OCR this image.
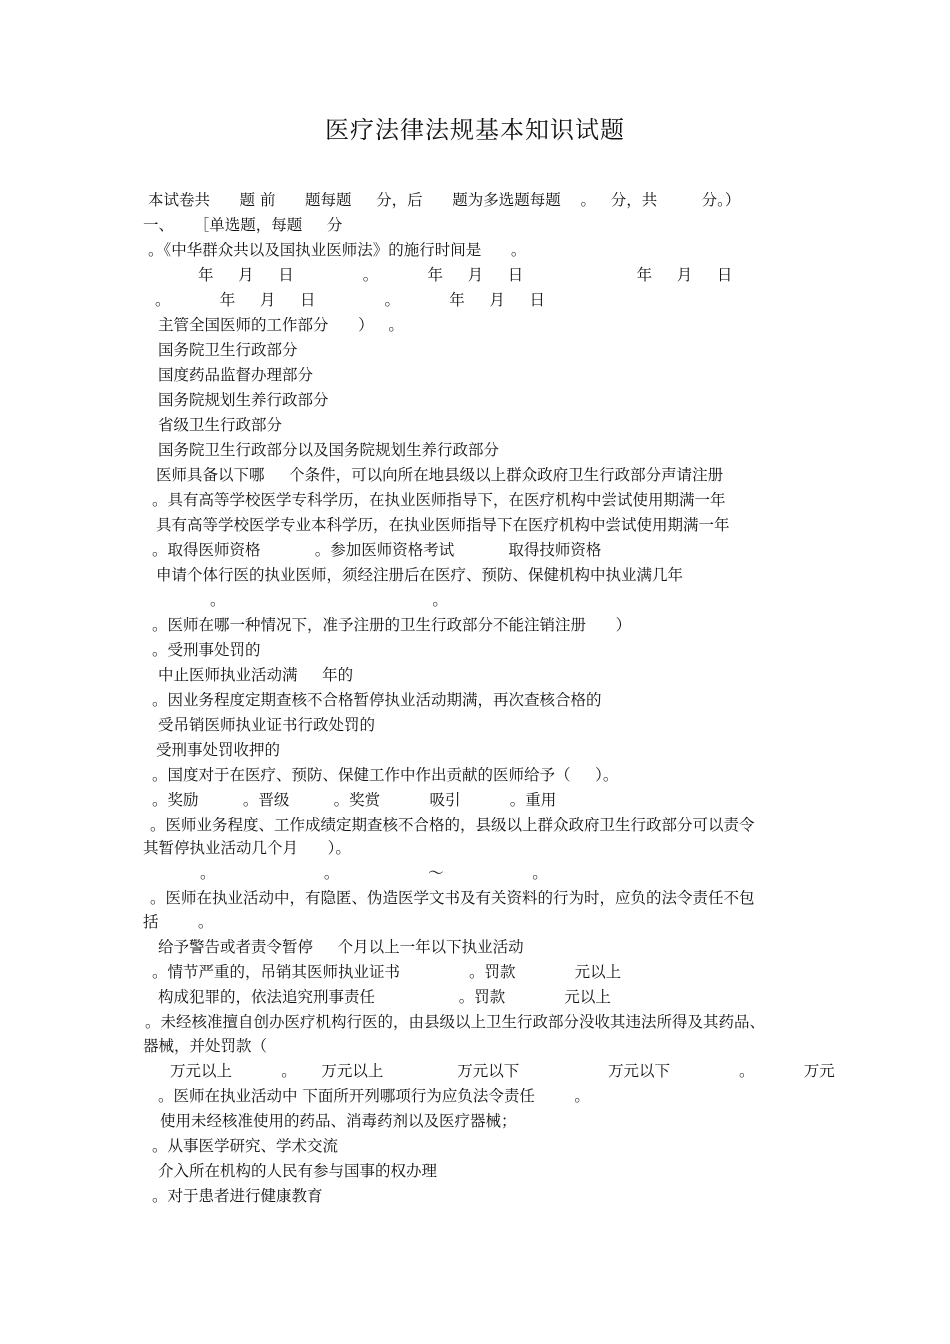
医疗法律法规基本知识试题

本试卷共      题 前      题每题     分，后      题为多选题每题    。   分，共         分。）

一、    ［单选题，每题     分

。《中华群众共以及国执业医师法》的施行时间是      。

年     月     日              。          年     月     日                       年     月     日

。          年     月     日              。          年     月     日

主管全国医师的工作部分      ）   。

国务院卫生行政部分

国度药品监督办理部分

国务院规划生养行政部分

省级卫生行政部分

国务院卫生行政部分以及国务院规划生养行政部分

医师具备以下哪     个条件，可以向所在地县级以上群众政府卫生行政部分声请注册

。具有高等学校医学专科学历，在执业医师指导下，在医疗机构中尝试使用期满一年

具有高等学校医学专业本科学历，在执业医师指导下在医疗机构中尝试使用期满一年

。取得医师资格           。参加医师资格考试           取得技师资格

申请个体行医的执业医师，须经注册后在医疗、预防、保健机构中执业满几年

。                                          。

。医师在哪一种情况下，准予注册的卫生行政部分不能注销注册      ）

。受刑事处罚的

中止医师执业活动满     年的

。因业务程度定期查核不合格暂停执业活动期满，再次查核合格的

受吊销医师执业证书行政处罚的

受刑事处罚收押的

。国度对于在医疗、预防、保健工作中作出贡献的医师给予（     ）。

。奖励         。晋级         。奖赏          吸引          。重用

。医师业务程度、工作成绩定期查核不合格的，县级以上群众政府卫生行政部分可以责令

其暂停执业活动几个月      ）。

。                      。                  ～                  。

。医师在执业活动中，有隐匿、伪造医学文书及有关资料的行为时，应负的法令责任不包

括        。

给予警告或者责令暂停     个月以上一年以下执业活动

。情节严重的，吊销其医师执业证书              。罚款            元以上

构成犯罪的，依法追究刑事责任                 。罚款            元以上

。未经核准擅自创办医疗机构行医的，由县级以上卫生行政部分没收其违法所得及其药品、

器械，并处罚款（

万元以上          。     万元以上               万元以下                  万元以下              。          万元

。医师在执业活动中 下面所开列哪项行为应负法令责任        。

使用未经核准使用的药品、消毒药剂以及医疗器械；

。从事医学研究、学术交流

介入所在机构的人民有参与国事的权办理

。对于患者进行健康教育
